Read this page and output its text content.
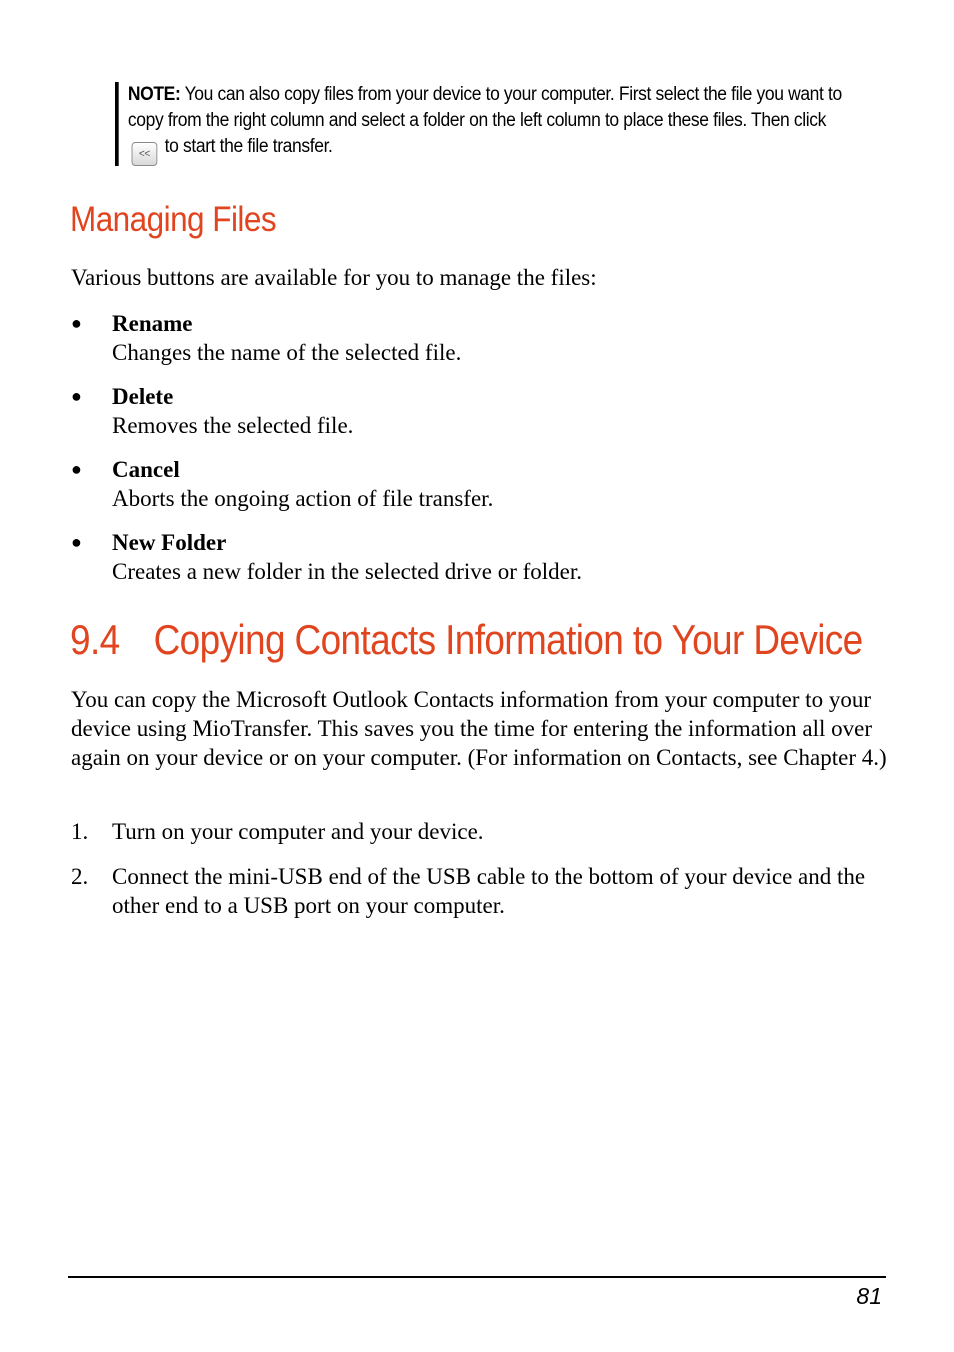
NOTE: You can also copy files from your device to your computer. First select the file you want to copy from the right column and select a folder on the left column to place these files. Then click << to start the file transfer.
Managing Files

Various buttons are available for you to manage the files:

● Rename
Changes the name of the selected file.
● Delete
Removes the selected file.
● Cancel
Aborts the ongoing action of file transfer.
● New Folder
Creates a new folder in the selected drive or folder.
9.4 Copying Contacts Information to Your Device

You can copy the Microsoft Outlook Contacts information from your computer to your device using MioTransfer. This saves you the time for entering the information all over again on your device or on your computer. (For information on Contacts, see Chapter 4.)

1. Turn on your computer and your device.
2. Connect the mini-USB end of the USB cable to the bottom of your device and the other end to a USB port on your computer.
81
